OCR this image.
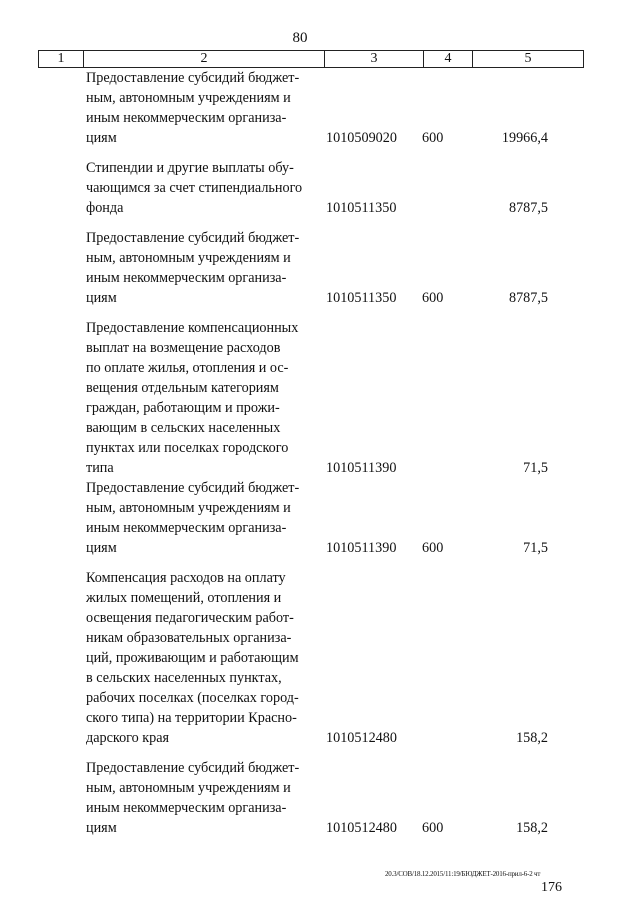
80
1	2	3	4	5
Предоставление субсидий бюджет-
ным, автономным учреждениям и
иным некоммерческим организа-
циям	1010509020 600	19966,4
Стипендии и другие выплаты обу-
чающимся за счет стипендиального
фонда	1010511350	8787,5
Предоставление субсидий бюджет-
ным, автономным учреждениям и
иным некоммерческим организа-
циям	1010511350 600	8787,5
Предоставление компенсационных
выплат на возмещение расходов
по оплате жилья, отопления и ос-
вещения отдельным категориям
граждан, работающим и прожи-
вающим в сельских населенных
пунктах или поселках городского
типа	1010511390	71,5
Предоставление субсидий бюджет-
ным, автономным учреждениям и
иным некоммерческим организа-
циям	1010511390 600	71,5
Компенсация расходов на оплату
жилых помещений, отопления и
освещения педагогическим работ-
никам образовательных организа-
ций, проживающим и работающим
в сельских населенных пунктах,
рабочих поселках (поселках город-
ского типа) на территории Красно-
дарского края	1010512480	158,2
Предоставление субсидий бюджет-
ным, автономным учреждениям и
иным некоммерческим организа-
циям	1010512480 600	158,2
20.3/СОВ/18.12.2015/11:19/БЮДЖЕТ-2016-прил-6-2 чт
176
